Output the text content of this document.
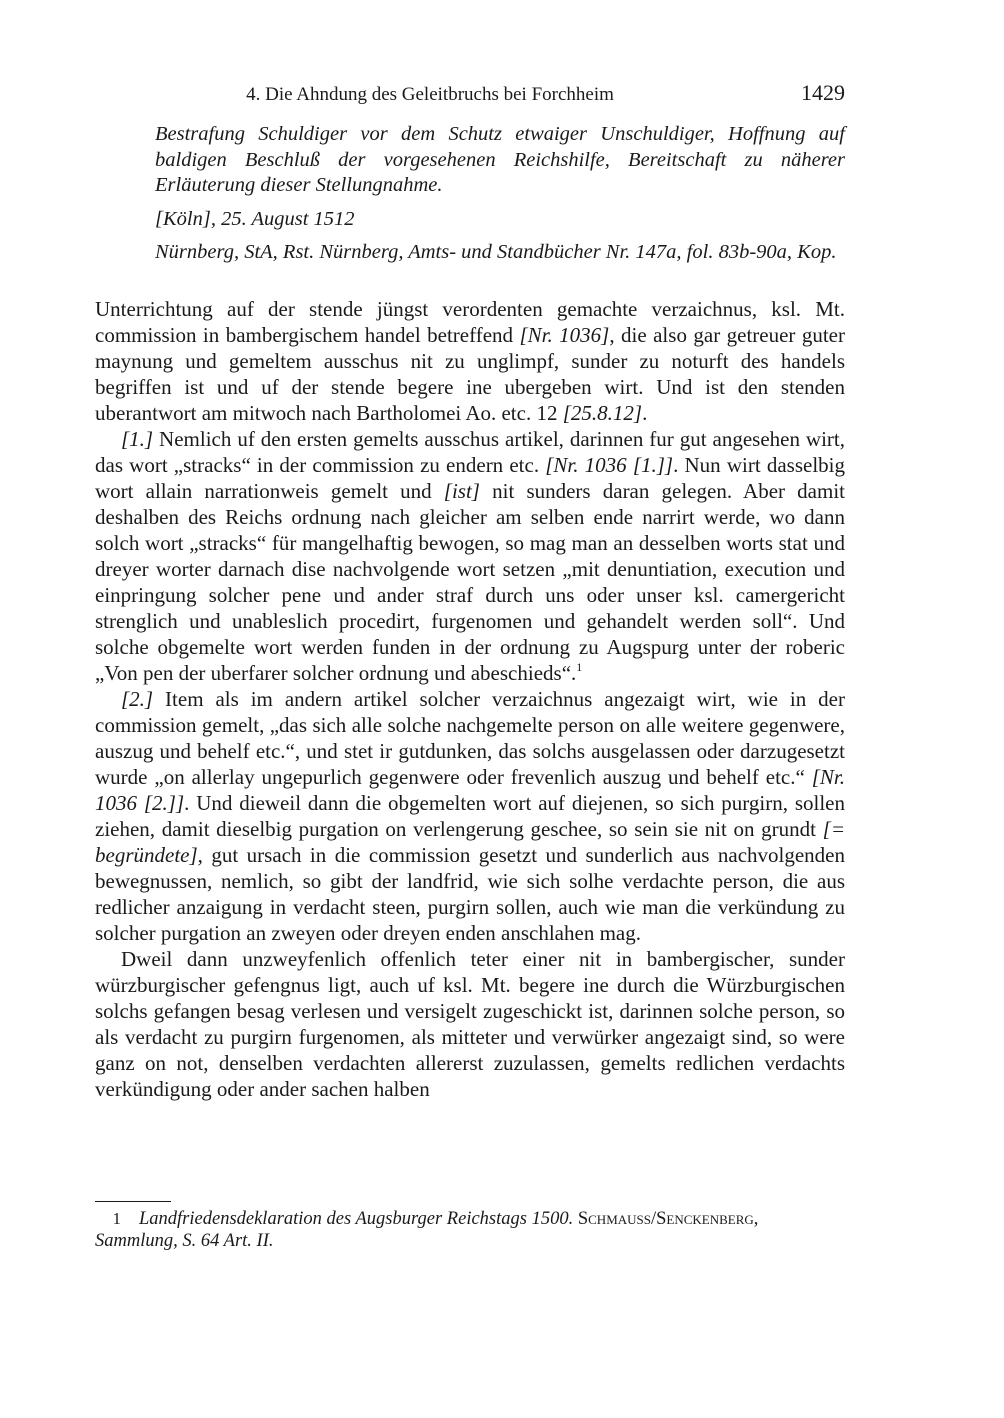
4. Die Ahndung des Geleitbruchs bei Forchheim	1429

Bestrafung Schuldiger vor dem Schutz etwaiger Unschuldiger, Hoffnung auf baldigen Beschluß der vorgesehenen Reichshilfe, Bereitschaft zu näherer Erläuterung dieser Stellungnahme.

[Köln], 25. August 1512

Nürnberg, StA, Rst. Nürnberg, Amts- und Standbücher Nr. 147a, fol. 83b-90a, Kop.

Unterrichtung auf der stende jüngst verordenten gemachte verzaichnus, ksl. Mt. commission in bambergischem handel betreffend [Nr. 1036], die also gar getreuer guter maynung und gemeltem ausschus nit zu unglimpf, sunder zu noturft des handels begriffen ist und uf der stende begere ine ubergeben wirt. Und ist den stenden uberantwort am mitwoch nach Bartholomei Ao. etc. 12 [25.8.12].

[1.] Nemlich uf den ersten gemelts ausschus artikel, darinnen fur gut angesehen wirt, das wort „stracks“ in der commission zu endern etc. [Nr. 1036 [1.]]. Nun wirt dasselbig wort allain narrationweis gemelt und [ist] nit sunders daran gelegen. Aber damit deshalben des Reichs ordnung nach gleicher am selben ende narrirt werde, wo dann solch wort „stracks“ für mangelhaftig bewogen, so mag man an desselben worts stat und dreyer worter darnach dise nachvolgende wort setzen „mit denuntiation, execution und einpringung solcher pene und ander straf durch uns oder unser ksl. camergericht strenglich und unableslich procedirt, furgenomen und gehandelt werden soll“. Und solche obgemelte wort werden funden in der ordnung zu Augspurg unter der roberic „Von pen der uberfarer solcher ordnung und abeschieds“.$^1$

[2.] Item als im andern artikel solcher verzaichnus angezaigt wirt, wie in der commission gemelt, „das sich alle solche nachgemelte person on alle weitere gegenwere, auszug und behelf etc.“, und stet ir gutdunken, das solchs ausgelassen oder darzugesetzt wurde „on allerlay ungepurlich gegenwere oder frevenlich auszug und behelf etc.“ [Nr. 1036 [2.]]. Und dieweil dann die obgemelten wort auf diejenen, so sich purgirn, sollen ziehen, damit dieselbig purgation on verlengerung geschee, so sein sie nit on grundt [= begründete], gut ursach in die commission gesetzt und sunderlich aus nachvolgenden bewegnussen, nemlich, so gibt der landfrid, wie sich solhe verdachte person, die aus redlicher anzaigung in verdacht steen, purgirn sollen, auch wie man die verkündung zu solcher purgation an zweyen oder dreyen enden anschlahen mag.

Dweil dann unzweyfenlich offenlich teter einer nit in bambergischer, sunder würzburgischer gefengnus ligt, auch uf ksl. Mt. begere ine durch die Würzburgischen solchs gefangen besag verlesen und versigelt zugeschickt ist, darinnen solche person, so als verdacht zu purgirn furgenomen, als mitteter und verwürker angezaigt sind, so were ganz on not, denselben verdachten allererst zuzulassen, gemelts redlichen verdachts verkündigung oder ander sachen halben

1 Landfriedensdeklaration des Augsburger Reichstags 1500. Schmauss/Senckenberg,
Sammlung, S. 64 Art. II.
